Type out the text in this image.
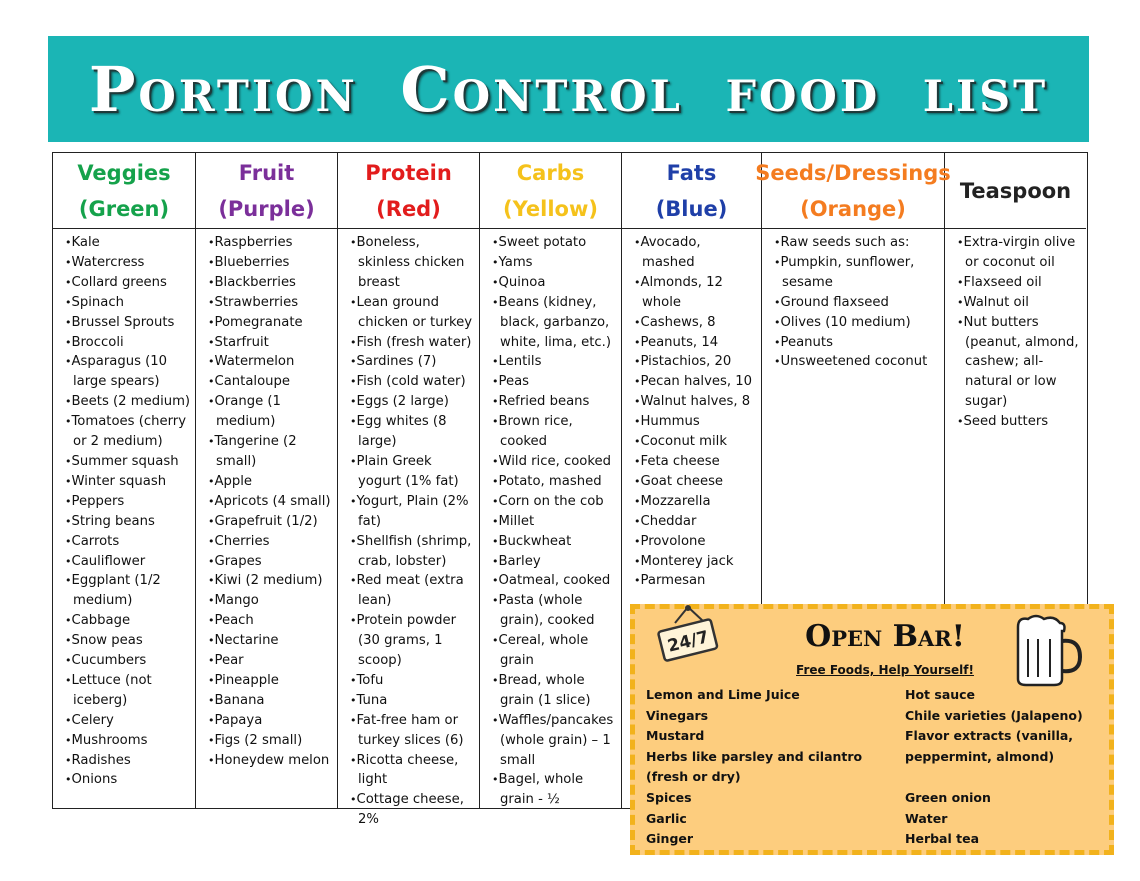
Portion Control food list
Veggies
(Green)
• Kale
• Watercress
• Collard greens
• Spinach
• Brussel Sprouts
• Broccoli
• Asparagus (10 large spears)
• Beets (2 medium)
• Tomatoes (cherry or 2 medium)
• Summer squash
• Winter squash
• Peppers
• String beans
• Carrots
• Cauliflower
• Eggplant (1/2 medium)
• Cabbage
• Snow peas
• Cucumbers
• Lettuce (not iceberg)
• Celery
• Mushrooms
• Radishes
• Onions
Fruit
(Purple)
• Raspberries
• Blueberries
• Blackberries
• Strawberries
• Pomegranate
• Starfruit
• Watermelon
• Cantaloupe
• Orange (1 medium)
• Tangerine (2 small)
• Apple
• Apricots (4 small)
• Grapefruit (1/2)
• Cherries
• Grapes
• Kiwi (2 medium)
• Mango
• Peach
• Nectarine
• Pear
• Pineapple
• Banana
• Papaya
• Figs (2 small)
• Honeydew melon
Protein
(Red)
• Boneless, skinless chicken breast
• Lean ground chicken or turkey
• Fish (fresh water)
• Sardines (7)
• Fish (cold water)
• Eggs (2 large)
• Egg whites (8 large)
• Plain Greek yogurt (1% fat)
• Yogurt, Plain (2% fat)
• Shellfish (shrimp, crab, lobster)
• Red meat (extra lean)
• Protein powder (30 grams, 1 scoop)
• Tofu
• Tuna
• Fat-free ham or turkey slices (6)
• Ricotta cheese, light
• Cottage cheese, 2%
Carbs
(Yellow)
• Sweet potato
• Yams
• Quinoa
• Beans (kidney, black, garbanzo, white, lima, etc.)
• Lentils
• Peas
• Refried beans
• Brown rice, cooked
• Wild rice, cooked
• Potato, mashed
• Corn on the cob
• Millet
• Buckwheat
• Barley
• Oatmeal, cooked
• Pasta (whole grain), cooked
• Cereal, whole grain
• Bread, whole grain (1 slice)
• Waffles/pancakes (whole grain) – 1 small
• Bagel, whole grain - ½
Fats
(Blue)
• Avocado, mashed
• Almonds, 12 whole
• Cashews, 8
• Peanuts, 14
• Pistachios, 20
• Pecan halves, 10
• Walnut halves, 8
• Hummus
• Coconut milk
• Feta cheese
• Goat cheese
• Mozzarella
• Cheddar
• Provolone
• Monterey jack
• Parmesan
Seeds/Dressings
(Orange)
• Raw seeds such as:
• Pumpkin, sunflower, sesame
• Ground flaxseed
• Olives (10 medium)
• Peanuts
• Unsweetened coconut
Teaspoon
• Extra-virgin olive or coconut oil
• Flaxseed oil
• Walnut oil
• Nut butters (peanut, almond, cashew; all-natural or low sugar)
• Seed butters
24/7	Open Bar!
Free Foods, Help Yourself!
Lemon and Lime Juice
Vinegars
Mustard
Herbs like parsley and cilantro (fresh or dry)
Spices
Garlic
Ginger
Hot sauce
Chile varieties (Jalapeno)
Flavor extracts (vanilla, peppermint, almond)

Green onion
Water
Herbal tea
